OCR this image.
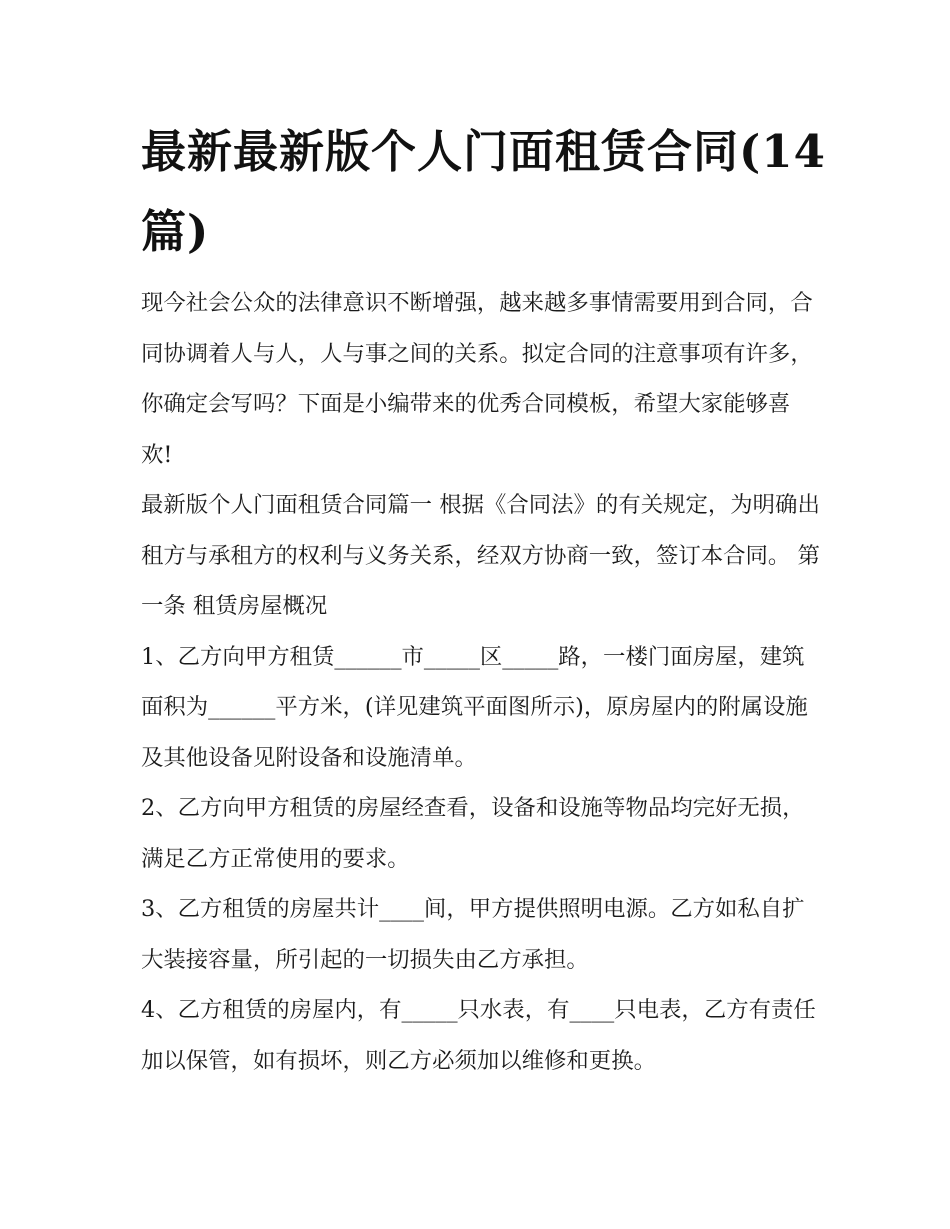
最新最新版个人门面租赁合同(14篇)

现今社会公众的法律意识不断增强，越来越多事情需要用到合同，合同协调着人与人，人与事之间的关系。拟定合同的注意事项有许多，你确定会写吗？下面是小编带来的优秀合同模板，希望大家能够喜欢!

最新版个人门面租赁合同篇一 根据《合同法》的有关规定，为明确出租方与承租方的权利与义务关系，经双方协商一致，签订本合同。 第一条 租赁房屋概况

1、乙方向甲方租赁______市_____区_____路，一楼门面房屋，建筑面积为______平方米，(详见建筑平面图所示)，原房屋内的附属设施及其他设备见附设备和设施清单。

2、乙方向甲方租赁的房屋经查看，设备和设施等物品均完好无损，满足乙方正常使用的要求。

3、乙方租赁的房屋共计____间，甲方提供照明电源。乙方如私自扩大装接容量，所引起的一切损失由乙方承担。

4、乙方租赁的房屋内，有_____只水表，有____只电表，乙方有责任加以保管，如有损坏，则乙方必须加以维修和更换。
